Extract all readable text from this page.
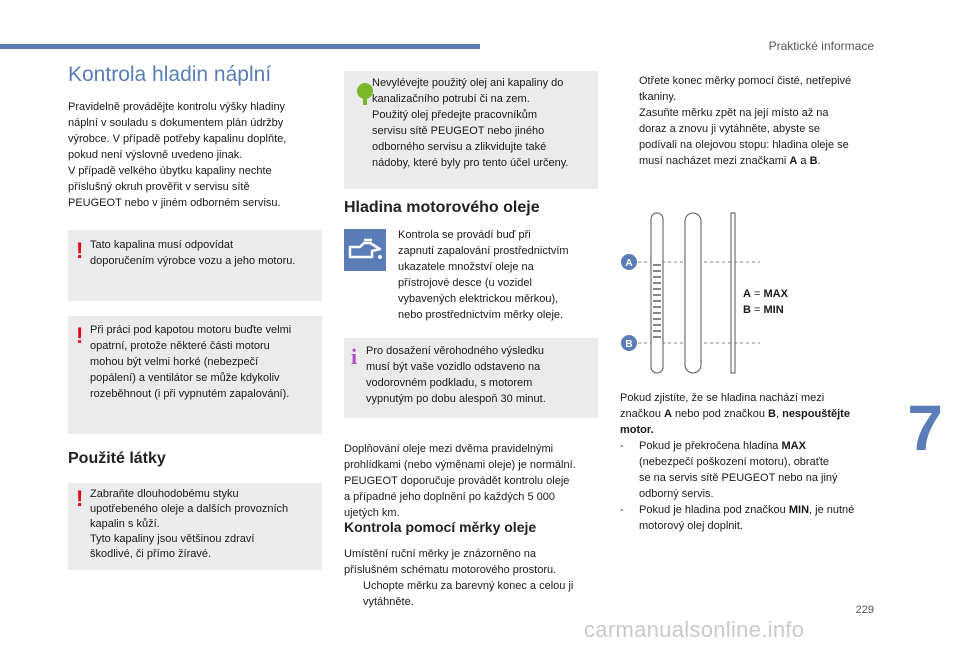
Praktické informace
7
229
carmanualsonline.info
Kontrola hladin náplní

Pravidelně provádějte kontrolu výšky hladiny
náplní v souladu s dokumentem plán údržby
výrobce. V případě potřeby kapalinu doplňte,
pokud není výslovně uvedeno jinak.
V případě velkého úbytku kapaliny nechte
příslušný okruh prověřit v servisu sítě
PEUGEOT nebo v jiném odborném servisu.

! Tato kapalina musí odpovídat
doporučením výrobce vozu a jeho motoru.
! Při práci pod kapotou motoru buďte velmi
opatrní, protože některé části motoru
mohou být velmi horké (nebezpečí
popálení) a ventilátor se může kdykoliv
rozeběhnout (i při vypnutém zapalování).
Použité látky
! Zabraňte dlouhodobému styku
upotřebeného oleje a dalších provozních
kapalin s kůží.
Tyto kapaliny jsou většinou zdraví
škodlivé, či přímo žíravé.
Nevylévejte použitý olej ani kapaliny do
kanalizačního potrubí či na zem.
Použitý olej předejte pracovníkům
servisu sítě PEUGEOT nebo jiného
odborného servisu a zlikvidujte také
nádoby, které byly pro tento účel určeny.
Hladina motorového oleje

Kontrola se provádí buď při
zapnutí zapalování prostřednictvím
ukazatele množství oleje na
přístrojové desce (u vozidel
vybavených elektrickou měrkou),
nebo prostřednictvím měrky oleje.

i Pro dosažení věrohodného výsledku
musí být vaše vozidlo odstaveno na
vodorovném podkladu, s motorem
vypnutým po dobu alespoň 30 minut.

Doplňování oleje mezi dvěma pravidelnými
prohlídkami (nebo výměnami oleje) je normální.
PEUGEOT doporučuje provádět kontrolu oleje
a případné jeho doplnění po každých 5 000
ujetých km.

Kontrola pomocí měrky oleje

Umístění ruční měrky je znázorněno na
příslušném schématu motorového prostoru.

Uchopte měrku za barevný konec a celou ji
vytáhněte.
Otřete konec měrky pomocí čisté, netřepivé
tkaniny.
Zasuňte měrku zpět na její místo až na
doraz a znovu ji vytáhněte, abyste se
podívali na olejovou stopu: hladina oleje se
musí nacházet mezi značkami A a B.
A
B
A = MAX
B = MIN

Pokud zjistíte, že se hladina nachází mezi
značkou A nebo pod značkou B, nespouštějte
motor.

- Pokud je překročena hladina MAX
(nebezpečí poškození motoru), obraťte
se na servis sítě PEUGEOT nebo na jiný
odborný servis.
- Pokud je hladina pod značkou MIN, je nutné
motorový olej doplnit.
